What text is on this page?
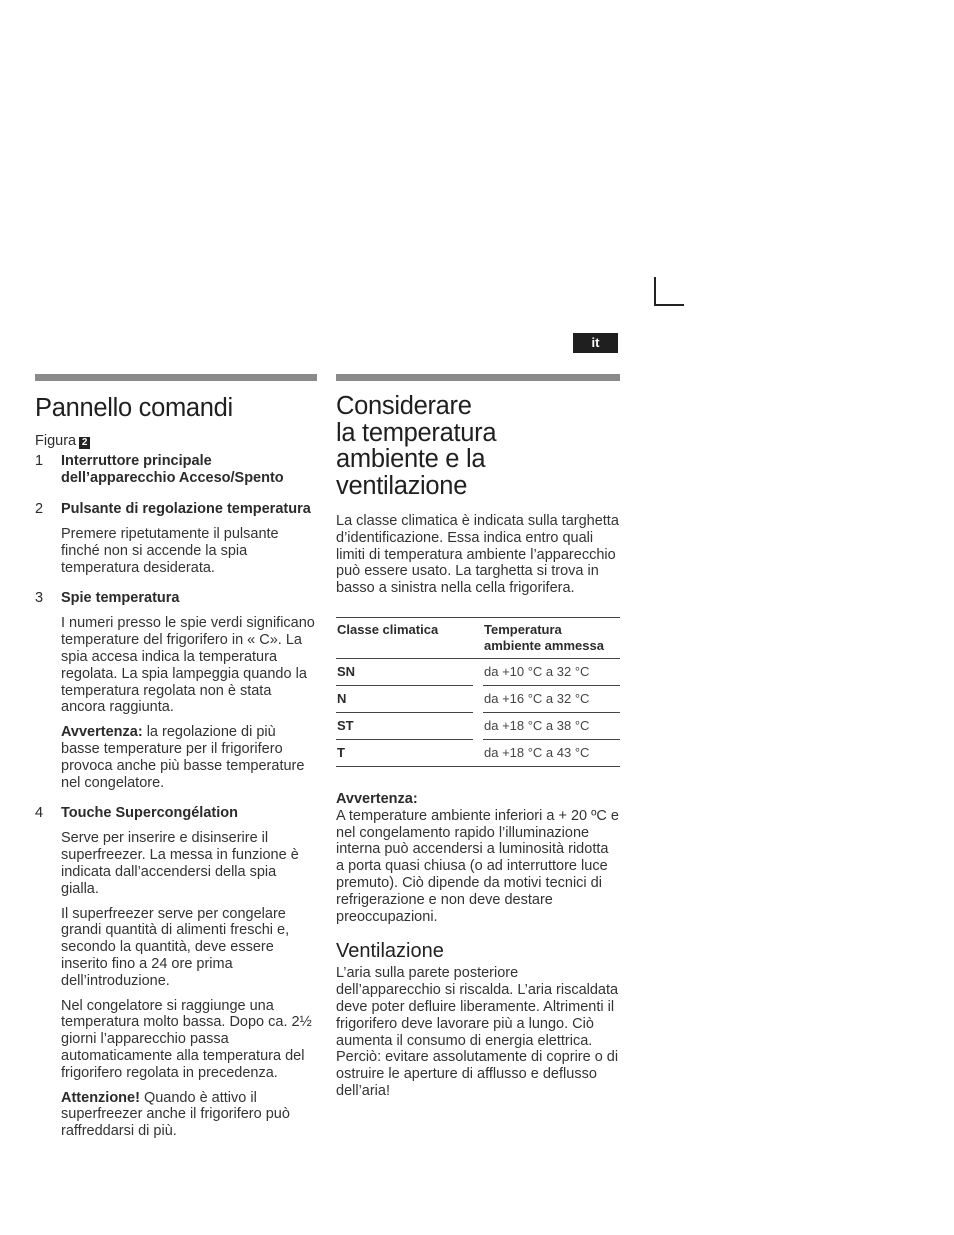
it
Pannello comandi
Figura 2
1 Interruttore principale dell’apparecchio Acceso/Spento
2 Pulsante di regolazione temperatura
Premere ripetutamente il pulsante finché non si accende la spia temperatura desiderata.
3 Spie temperatura
I numeri presso le spie verdi significano temperature del frigorifero in « C». La spia accesa indica la temperatura regolata. La spia lampeggia quando la temperatura regolata non è stata ancora raggiunta.
Avvertenza: la regolazione di più basse temperature per il frigorifero provoca anche più basse temperature nel congelatore.
4 Touche Supercongélation
Serve per inserire e disinserire il superfreezer. La messa in funzione è indicata dall’accendersi della spia gialla.
Il superfreezer serve per congelare grandi quantità di alimenti freschi e, secondo la quantità, deve essere inserito fino a 24 ore prima dell’introduzione.
Nel congelatore si raggiunge una temperatura molto bassa. Dopo ca. 2½ giorni l’apparecchio passa automaticamente alla temperatura del frigorifero regolata in precedenza.
Attenzione! Quando è attivo il superfreezer anche il frigorifero può raffreddarsi di più.
Considerare
la temperatura
ambiente e la
ventilazione

La classe climatica è indicata sulla targhetta d’identificazione. Essa indica entro quali limiti di temperatura ambiente l’apparecchio può essere usato. La targhetta si trova in basso a sinistra nella cella frigorifera.

Classe climatica		Temperatura
ambiente ammessa
SN		da +10 °C a 32 °C
N		da +16 °C a 32 °C
ST		da +18 °C a 38 °C
T		da +18 °C a 43 °C

Avvertenza:

A temperature ambiente inferiori a + 20 ºC e nel congelamento rapido l’illuminazione interna può accendersi a luminosità ridotta a porta quasi chiusa (o ad interruttore luce premuto). Ciò dipende da motivi tecnici di refrigerazione e non deve destare preoccupazioni.

Ventilazione

L’aria sulla parete posteriore dell’apparecchio si riscalda. L’aria riscaldata deve poter defluire liberamente. Altrimenti il frigorifero deve lavorare più a lungo. Ciò aumenta il consumo di energia elettrica.

Perciò: evitare assolutamente di coprire o di ostruire le aperture di afflusso e deflusso dell’aria!
